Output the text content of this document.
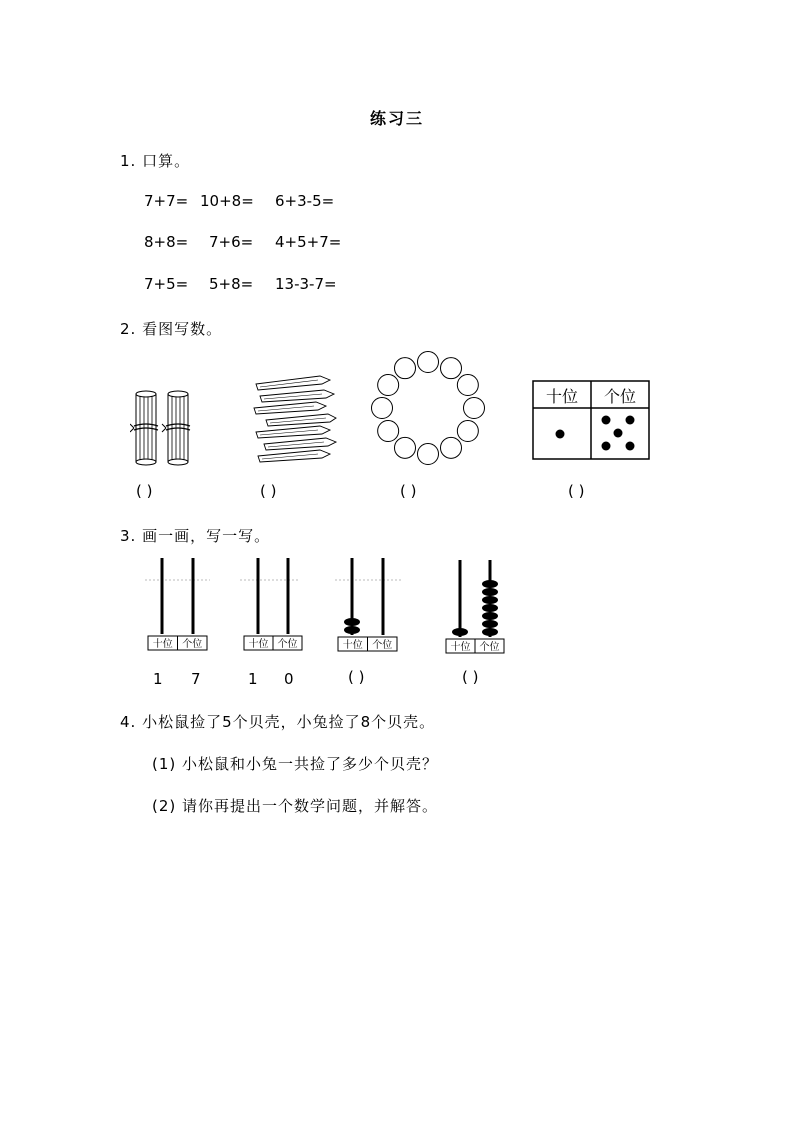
练习三
1. 口算。
7+7= 10+8= 6+3-5=
8+8= 7+6= 4+5+7=
7+5= 5+8= 13-3-7=
2. 看图写数。
十位 个位
( )	( )	( )	( )
3. 画一画，写一写。
十位 个位	十位 个位	十位 个位	十位 个位
1 7	1 0	( )	( )
4. 小松鼠捡了5个贝壳，小兔捡了8个贝壳。
(1) 小松鼠和小兔一共捡了多少个贝壳？
(2) 请你再提出一个数学问题，并解答。
